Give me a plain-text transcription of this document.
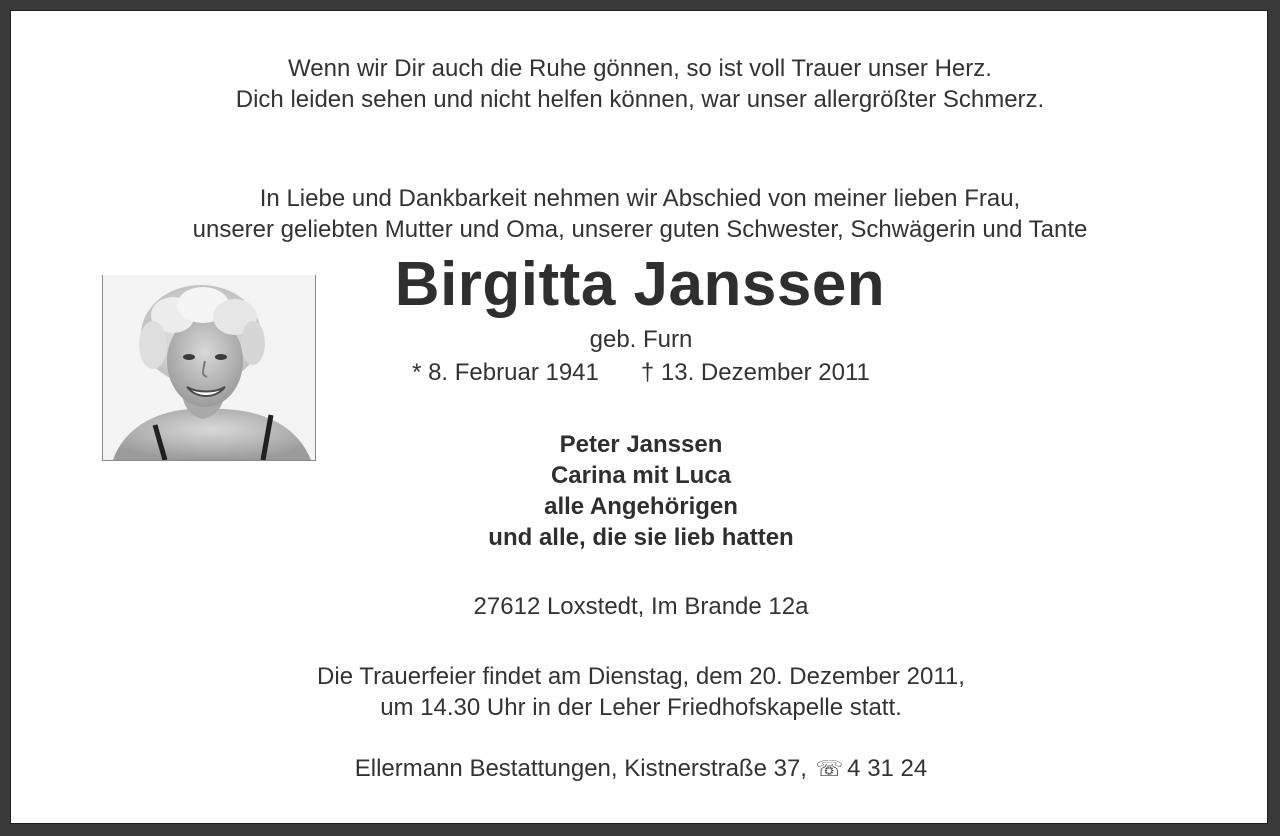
Wenn wir Dir auch die Ruhe gönnen, so ist voll Trauer unser Herz.
Dich leiden sehen und nicht helfen können, war unser allergrößter Schmerz.
In Liebe und Dankbarkeit nehmen wir Abschied von meiner lieben Frau,
unserer geliebten Mutter und Oma, unserer guten Schwester, Schwägerin und Tante
Birgitta Janssen
geb. Furn
* 8. Februar 1941 † 13. Dezember 2011
Peter Janssen
Carina mit Luca
alle Angehörigen
und alle, die sie lieb hatten
27612 Loxstedt, Im Brande 12a
Die Trauerfeier findet am Dienstag, dem 20. Dezember 2011,
um 14.30 Uhr in der Leher Friedhofskapelle statt.
Ellermann Bestattungen, Kistnerstraße 37, ☏ 4 31 24
